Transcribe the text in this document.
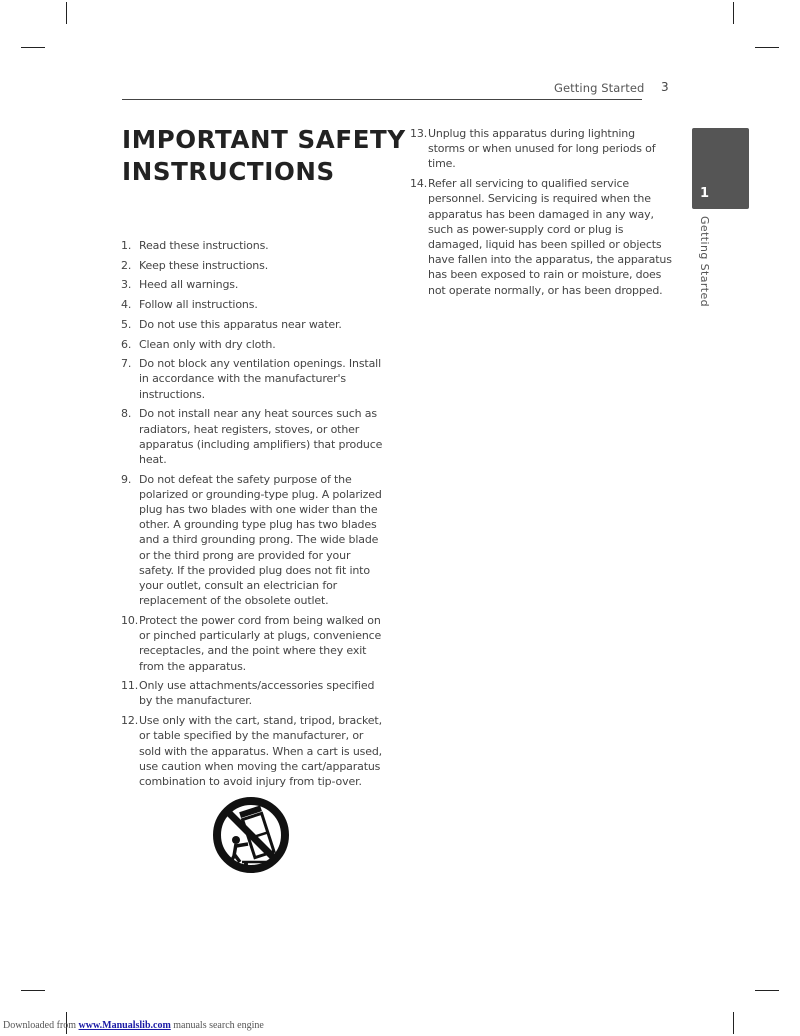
Getting Started 3
IMPORTANT SAFETY
INSTRUCTIONS
1. Read these instructions.
2. Keep these instructions.
3. Heed all warnings.
4. Follow all instructions.
5. Do not use this apparatus near water.
6. Clean only with dry cloth.
7. Do not block any ventilation openings. Install in accordance with the manufacturer's instructions.
8. Do not install near any heat sources such as radiators, heat registers, stoves, or other apparatus (including amplifiers) that produce heat.
9. Do not defeat the safety purpose of the polarized or grounding-type plug. A polarized plug has two blades with one wider than the other. A grounding type plug has two blades and a third grounding prong. The wide blade or the third prong are provided for your safety. If the provided plug does not fit into your outlet, consult an electrician for replacement of the obsolete outlet.
10. Protect the power cord from being walked on or pinched particularly at plugs, convenience receptacles, and the point where they exit from the apparatus.
11. Only use attachments/accessories specified by the manufacturer.
12. Use only with the cart, stand, tripod, bracket, or table specified by the manufacturer, or sold with the apparatus. When a cart is used, use caution when moving the cart/apparatus combination to avoid injury from tip-over.
13. Unplug this apparatus during lightning storms or when unused for long periods of time.
14. Refer all servicing to qualified service personnel. Servicing is required when the apparatus has been damaged in any way, such as power-supply cord or plug is damaged, liquid has been spilled or objects have fallen into the apparatus, the apparatus has been exposed to rain or moisture, does not operate normally, or has been dropped.
1
Getting Started
Downloaded from www.Manualslib.com manuals search engine
